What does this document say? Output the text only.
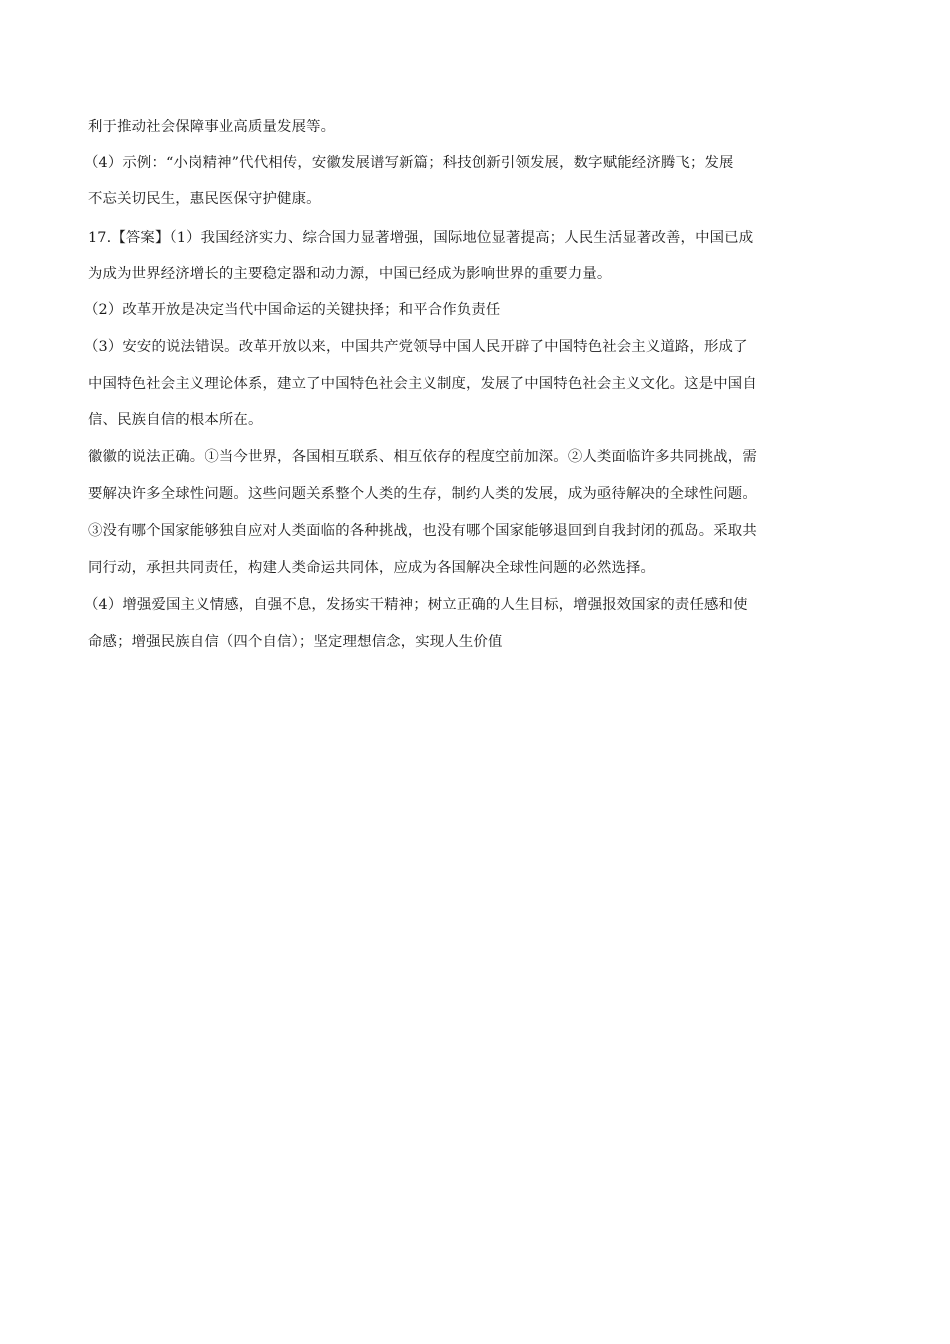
利于推动社会保障事业高质量发展等。
（4）示例：“小岗精神”代代相传，安徽发展谱写新篇；科技创新引领发展，数字赋能经济腾飞；发展
不忘关切民生，惠民医保守护健康。
17.【答案】（1）我国经济实力、综合国力显著增强，国际地位显著提高；人民生活显著改善，中国已成
为成为世界经济增长的主要稳定器和动力源，中国已经成为影响世界的重要力量。
（2）改革开放是决定当代中国命运的关键抉择；和平合作负责任
（3）安安的说法错误。改革开放以来，中国共产党领导中国人民开辟了中国特色社会主义道路，形成了
中国特色社会主义理论体系，建立了中国特色社会主义制度，发展了中国特色社会主义文化。这是中国自
信、民族自信的根本所在。
徽徽的说法正确。①当今世界，各国相互联系、相互依存的程度空前加深。②人类面临许多共同挑战，需
要解决许多全球性问题。这些问题关系整个人类的生存，制约人类的发展，成为亟待解决的全球性问题。
③没有哪个国家能够独自应对人类面临的各种挑战，也没有哪个国家能够退回到自我封闭的孤岛。采取共
同行动，承担共同责任，构建人类命运共同体，应成为各国解决全球性问题的必然选择。
（4）增强爱国主义情感，自强不息，发扬实干精神；树立正确的人生目标，增强报效国家的责任感和使
命感；增强民族自信（四个自信）；坚定理想信念，实现人生价值
